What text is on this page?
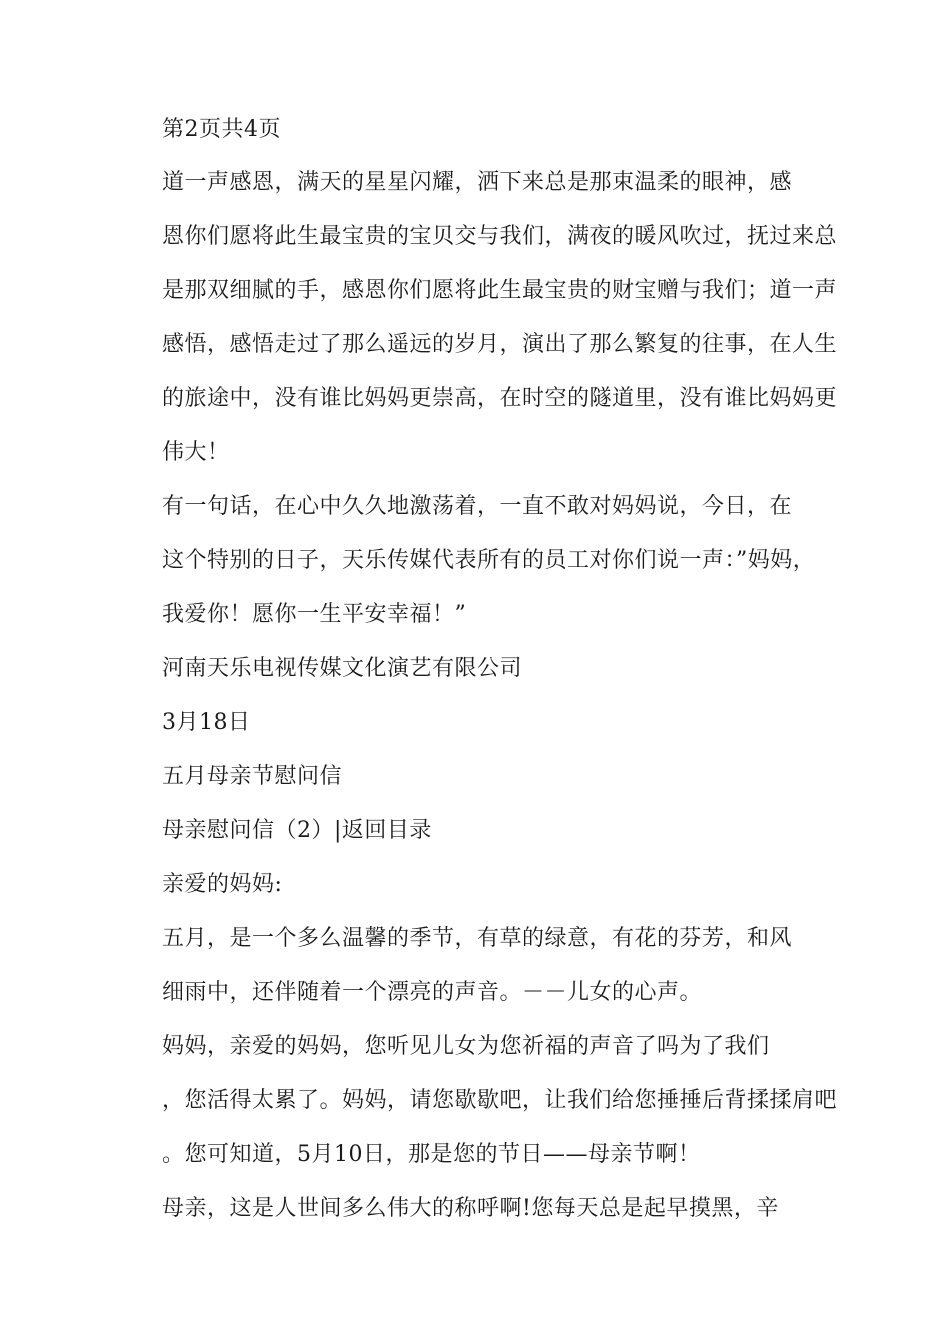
第2页共4页
道一声感恩，满天的星星闪耀，洒下来总是那束温柔的眼神，感
恩你们愿将此生最宝贵的宝贝交与我们，满夜的暖风吹过，抚过来总
是那双细腻的手，感恩你们愿将此生最宝贵的财宝赠与我们；道一声
感悟，感悟走过了那么遥远的岁月，演出了那么繁复的往事，在人生
的旅途中，没有谁比妈妈更崇高，在时空的隧道里，没有谁比妈妈更
伟大！
有一句话，在心中久久地激荡着，一直不敢对妈妈说，今日，在
这个特别的日子，天乐传媒代表所有的员工对你们说一声：”妈妈，
我爱你！愿你一生平安幸福！”
河南天乐电视传媒文化演艺有限公司
3月18日
五月母亲节慰问信
母亲慰问信（2）|返回目录
亲爱的妈妈:
五月，是一个多么温馨的季节，有草的绿意，有花的芬芳，和风
细雨中，还伴随着一个漂亮的声音。－－儿女的心声。
妈妈，亲爱的妈妈，您听见儿女为您祈福的声音了吗为了我们
，您活得太累了。妈妈，请您歇歇吧，让我们给您捶捶后背揉揉肩吧
。您可知道，5月10日，那是您的节日——母亲节啊！
母亲，这是人世间多么伟大的称呼啊!您每天总是起早摸黑，辛
